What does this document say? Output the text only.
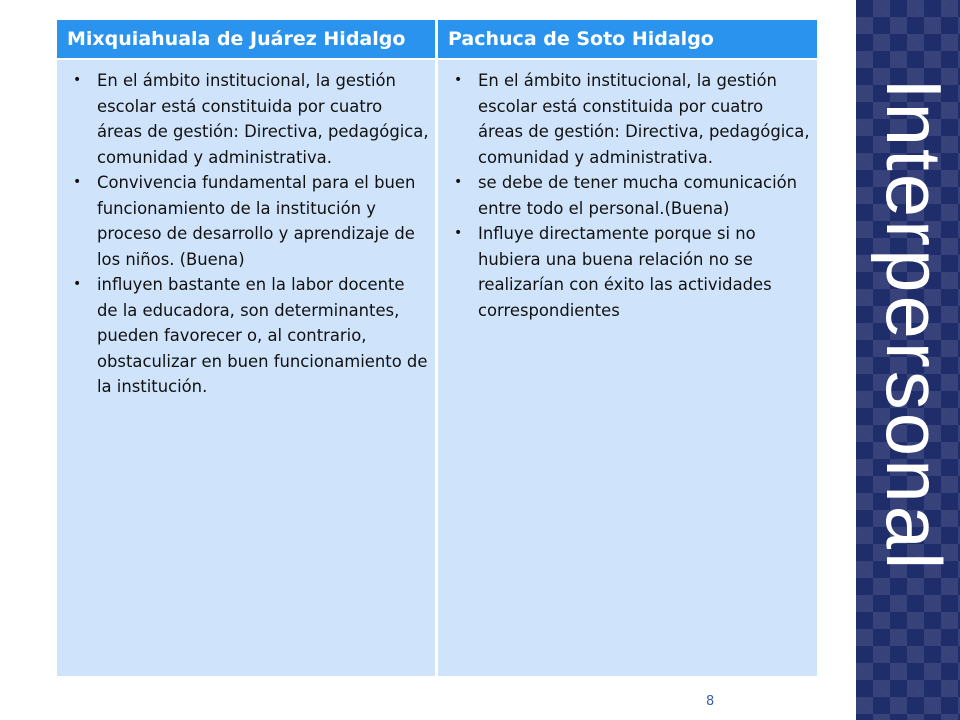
Mixquiahuala de Juárez Hidalgo	Pachuca de Soto Hidalgo
• En el ámbito institucional, la gestión escolar está constituida por cuatro áreas de gestión: Directiva, pedagógica, comunidad y administrativa.
• Convivencia fundamental para el buen funcionamiento de la institución y proceso de desarrollo y aprendizaje de los niños. (Buena)
• influyen bastante en la labor docente de la educadora, son determinantes, pueden favorecer o, al contrario, obstaculizar en buen funcionamiento de la institución.
• En el ámbito institucional, la gestión escolar está constituida por cuatro áreas de gestión: Directiva, pedagógica, comunidad y administrativa.
• se debe de tener mucha comunicación entre todo el personal.(Buena)
• Influye directamente porque si no hubiera una buena relación no se realizarían con éxito las actividades correspondientes	Interpersonal
8
